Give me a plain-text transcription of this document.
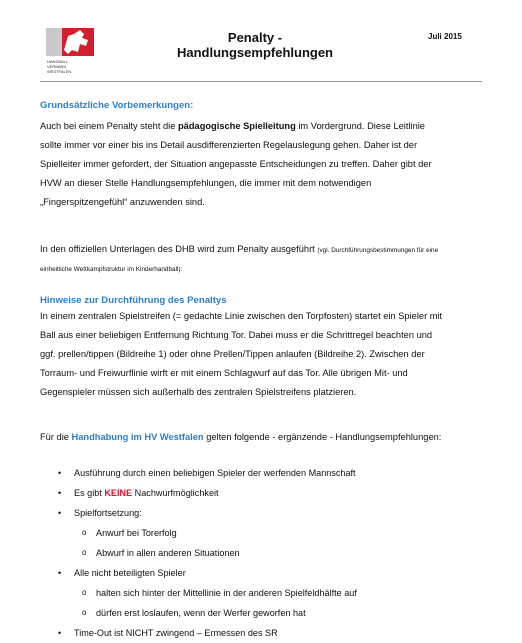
HANDBALL
VERBAND
WESTFALEN
Penalty -
Handlungsempfehlungen
Juli 2015
Grundsätzliche Vorbemerkungen:
Auch bei einem Penalty steht die pädagogische Spielleitung im Vordergrund. Diese Leitlinie
sollte immer vor einer bis ins Detail ausdifferenzierten Regelauslegung gehen. Daher ist der
Spielleiter immer gefordert, der Situation angepasste Entscheidungen zu treffen. Daher gibt der
HVW an dieser Stelle Handlungsempfehlungen, die immer mit dem notwendigen
„Fingerspitzengefühl“ anzuwenden sind.
In den offiziellen Unterlagen des DHB wird zum Penalty ausgeführt (vgl. Durchführungsbestimmungen für eine
einheitliche Wettkampfstruktur im Kinderhandball):
Hinweise zur Durchführung des Penaltys
In einem zentralen Spielstreifen (= gedachte Linie zwischen den Torpfosten) startet ein Spieler mit
Ball aus einer beliebigen Entfernung Richtung Tor. Dabei muss er die Schrittregel beachten und
ggf. prellen/tippen (Bildreihe 1) oder ohne Prellen/Tippen anlaufen (Bildreihe 2). Zwischen der
Torraum- und Freiwurflinie wirft er mit einem Schlagwurf auf das Tor. Alle übrigen Mit- und
Gegenspieler müssen sich außerhalb des zentralen Spielstreifens platzieren.
Für die Handhabung im HV Westfalen gelten folgende - ergänzende - Handlungsempfehlungen:
• Ausführung durch einen beliebigen Spieler der werfenden Mannschaft
• Es gibt KEINE Nachwurfmöglichkeit
• Spielfortsetzung:
o Anwurf bei Torerfolg
o Abwurf in allen anderen Situationen
• Alle nicht beteiligten Spieler
o halten sich hinter der Mittellinie in der anderen Spielfeldhälfte auf
o dürfen erst loslaufen, wenn der Werfer geworfen hat
• Time-Out ist NICHT zwingend – Ermessen des SR
